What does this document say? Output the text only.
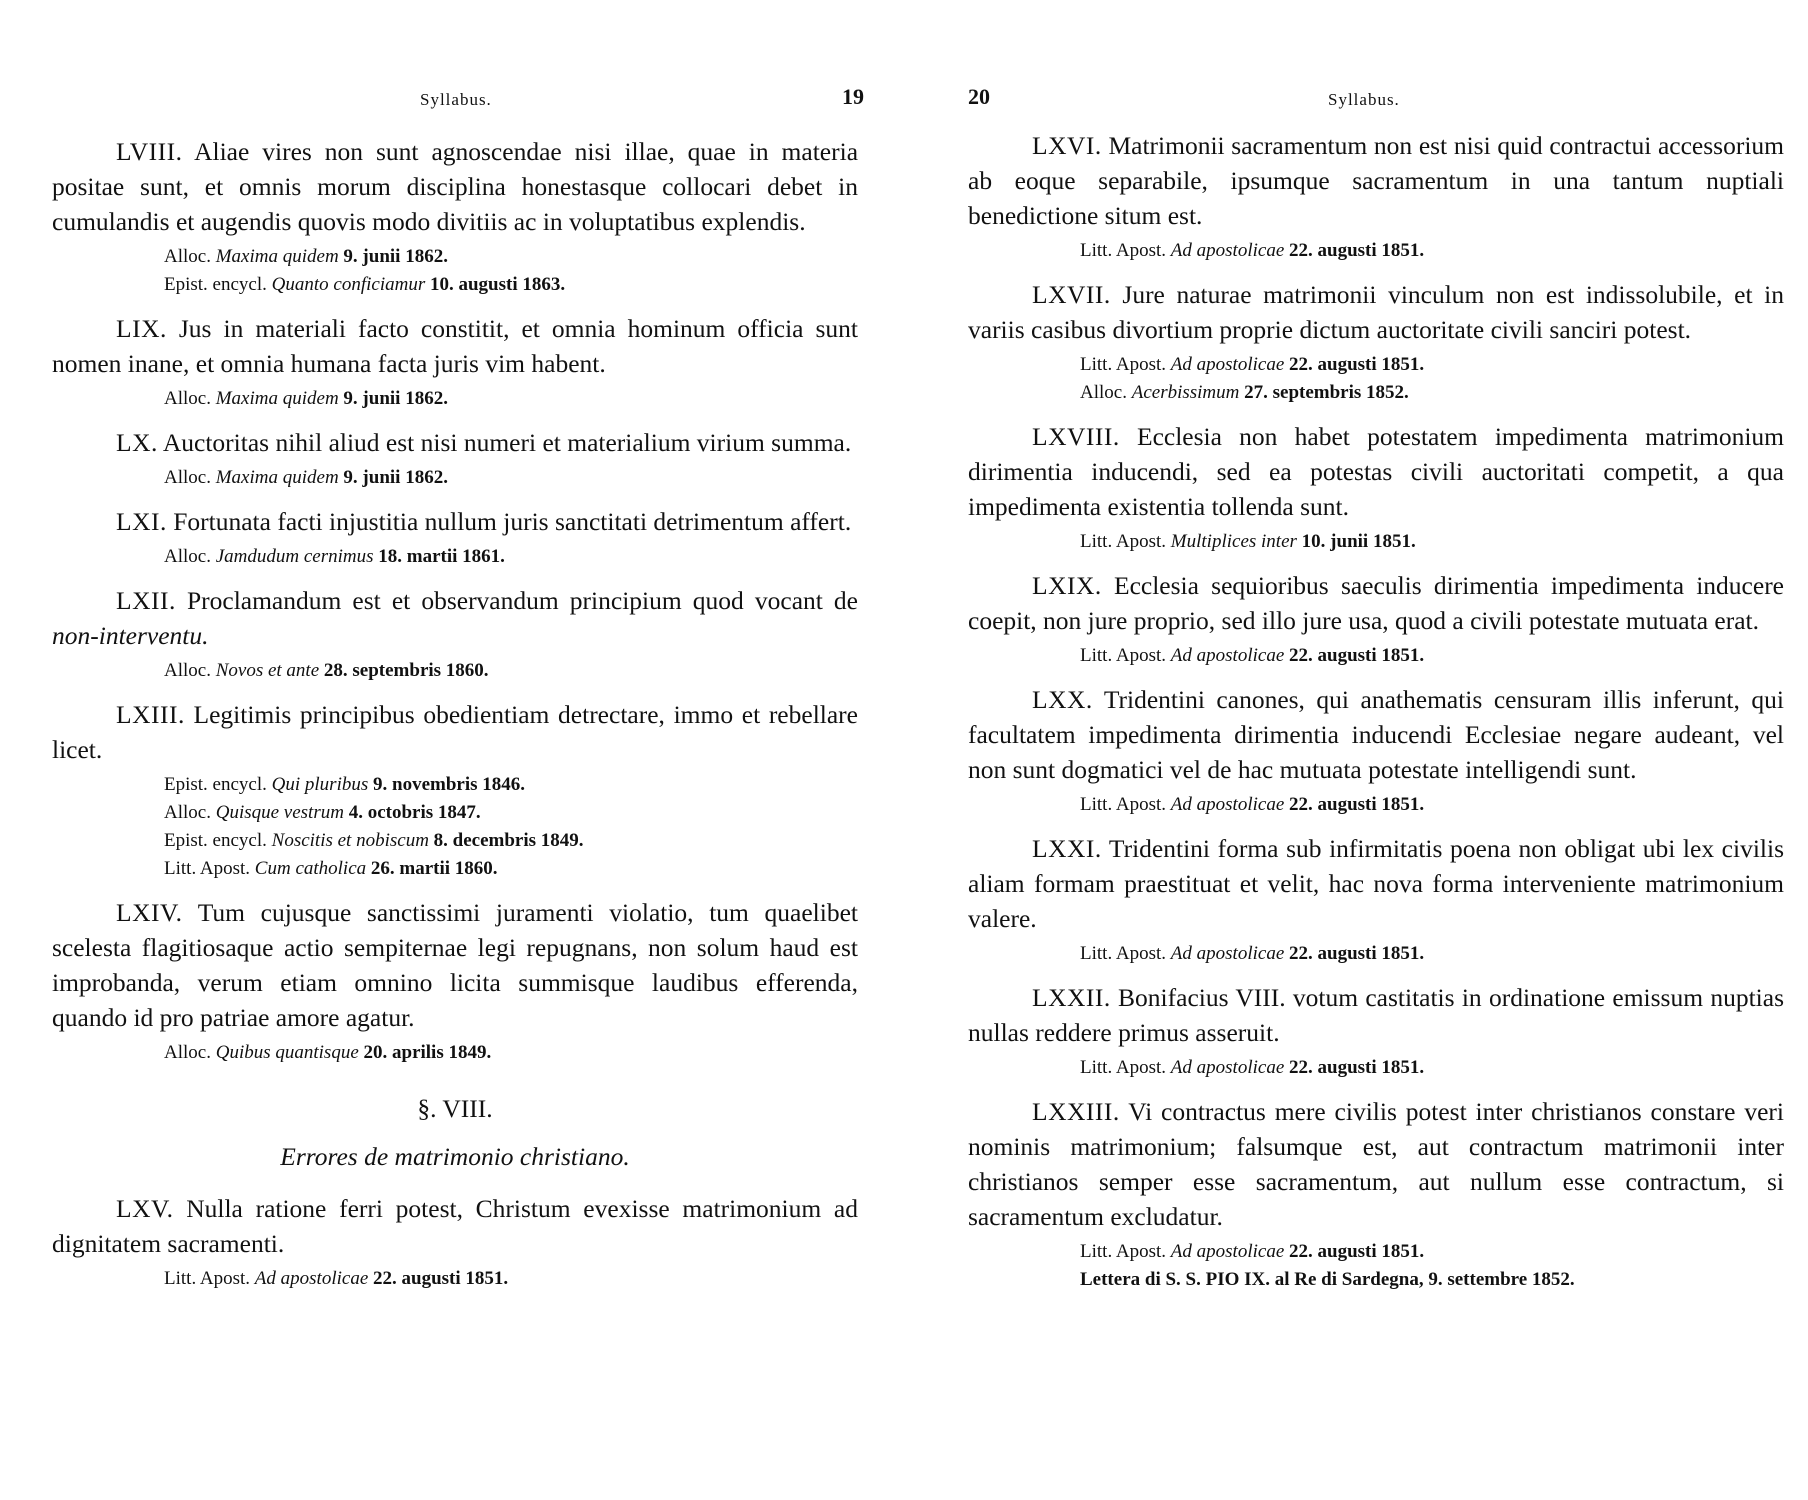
Syllabus.	19

LVIII. Aliae vires non sunt agnoscendae nisi illae, quae in materia positae sunt, et omnis morum disciplina honestasque collocari debet in cumulandis et augendis quovis modo divitiis ac in voluptatibus explendis.

Alloc. Maxima quidem 9. junii 1862.
Epist. encycl. Quanto conficiamur 10. augusti 1863.

LIX. Jus in materiali facto constitit, et omnia hominum officia sunt nomen inane, et omnia humana facta juris vim habent.

Alloc. Maxima quidem 9. junii 1862.

LX. Auctoritas nihil aliud est nisi numeri et materialium virium summa.

Alloc. Maxima quidem 9. junii 1862.

LXI. Fortunata facti injustitia nullum juris sanctitati detrimentum affert.

Alloc. Jamdudum cernimus 18. martii 1861.

LXII. Proclamandum est et observandum principium quod vocant de non-interventu.

Alloc. Novos et ante 28. septembris 1860.

LXIII. Legitimis principibus obedientiam detrectare, immo et rebellare licet.

Epist. encycl. Qui pluribus 9. novembris 1846.
Alloc. Quisque vestrum 4. octobris 1847.
Epist. encycl. Noscitis et nobiscum 8. decembris 1849.
Litt. Apost. Cum catholica 26. martii 1860.

LXIV. Tum cujusque sanctissimi juramenti violatio, tum quaelibet scelesta flagitiosaque actio sempiternae legi repugnans, non solum haud est improbanda, verum etiam omnino licita summisque laudibus efferenda, quando id pro patriae amore agatur.

Alloc. Quibus quantisque 20. aprilis 1849.
§. VIII.
Errores de matrimonio christiano.

LXV. Nulla ratione ferri potest, Christum evexisse matrimonium ad dignitatem sacramenti.

Litt. Apost. Ad apostolicae 22. augusti 1851.
20	Syllabus.

LXVI. Matrimonii sacramentum non est nisi quid contractui accessorium ab eoque separabile, ipsumque sacramentum in una tantum nuptiali benedictione situm est.

Litt. Apost. Ad apostolicae 22. augusti 1851.

LXVII. Jure naturae matrimonii vinculum non est indissolubile, et in variis casibus divortium proprie dictum auctoritate civili sanciri potest.

Litt. Apost. Ad apostolicae 22. augusti 1851.
Alloc. Acerbissimum 27. septembris 1852.

LXVIII. Ecclesia non habet potestatem impedimenta matrimonium dirimentia inducendi, sed ea potestas civili auctoritati competit, a qua impedimenta existentia tollenda sunt.

Litt. Apost. Multiplices inter 10. junii 1851.

LXIX. Ecclesia sequioribus saeculis dirimentia impedimenta inducere coepit, non jure proprio, sed illo jure usa, quod a civili potestate mutuata erat.

Litt. Apost. Ad apostolicae 22. augusti 1851.

LXX. Tridentini canones, qui anathematis censuram illis inferunt, qui facultatem impedimenta dirimentia inducendi Ecclesiae negare audeant, vel non sunt dogmatici vel de hac mutuata potestate intelligendi sunt.

Litt. Apost. Ad apostolicae 22. augusti 1851.

LXXI. Tridentini forma sub infirmitatis poena non obligat ubi lex civilis aliam formam praestituat et velit, hac nova forma interveniente matrimonium valere.

Litt. Apost. Ad apostolicae 22. augusti 1851.

LXXII. Bonifacius VIII. votum castitatis in ordinatione emissum nuptias nullas reddere primus asseruit.

Litt. Apost. Ad apostolicae 22. augusti 1851.

LXXIII. Vi contractus mere civilis potest inter christianos constare veri nominis matrimonium; falsumque est, aut contractum matrimonii inter christianos semper esse sacramentum, aut nullum esse contractum, si sacramentum excludatur.

Litt. Apost. Ad apostolicae 22. augusti 1851.
Lettera di S. S. PIO IX. al Re di Sardegna, 9. settembre 1852.
